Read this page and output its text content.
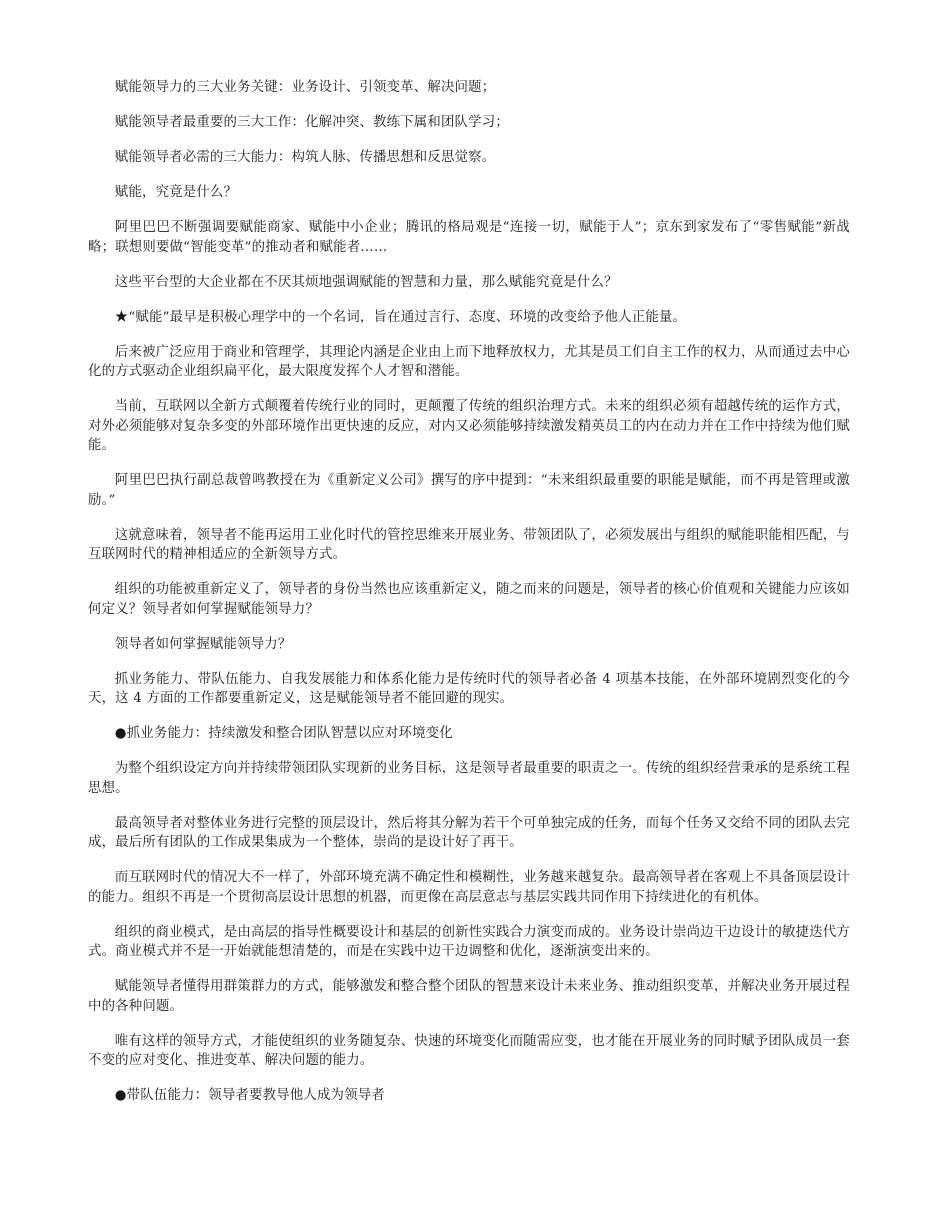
赋能领导力的三大业务关键：业务设计、引领变革、解决问题；

赋能领导者最重要的三大工作：化解冲突、教练下属和团队学习；

赋能领导者必需的三大能力：构筑人脉、传播思想和反思觉察。

赋能，究竟是什么？

阿里巴巴不断强调要赋能商家、赋能中小企业；腾讯的格局观是“连接一切，赋能于人”；京东到家发布了“零售赋能”新战略；联想则要做“智能变革”的推动者和赋能者……

这些平台型的大企业都在不厌其烦地强调赋能的智慧和力量，那么赋能究竟是什么？

★“赋能”最早是积极心理学中的一个名词，旨在通过言行、态度、环境的改变给予他人正能量。

后来被广泛应用于商业和管理学，其理论内涵是企业由上而下地释放权力，尤其是员工们自主工作的权力，从而通过去中心化的方式驱动企业组织扁平化，最大限度发挥个人才智和潜能。

当前，互联网以全新方式颠覆着传统行业的同时，更颠覆了传统的组织治理方式。未来的组织必须有超越传统的运作方式，对外必须能够对复杂多变的外部环境作出更快速的反应，对内又必须能够持续激发精英员工的内在动力并在工作中持续为他们赋能。

阿里巴巴执行副总裁曾鸣教授在为《重新定义公司》撰写的序中提到：“未来组织最重要的职能是赋能，而不再是管理或激励。”

这就意味着，领导者不能再运用工业化时代的管控思维来开展业务、带领团队了，必须发展出与组织的赋能职能相匹配，与互联网时代的精神相适应的全新领导方式。

组织的功能被重新定义了，领导者的身份当然也应该重新定义，随之而来的问题是，领导者的核心价值观和关键能力应该如何定义？领导者如何掌握赋能领导力？

领导者如何掌握赋能领导力？

抓业务能力、带队伍能力、自我发展能力和体系化能力是传统时代的领导者必备 4 项基本技能，在外部环境剧烈变化的今天，这 4 方面的工作都要重新定义，这是赋能领导者不能回避的现实。

●抓业务能力：持续激发和整合团队智慧以应对环境变化

为整个组织设定方向并持续带领团队实现新的业务目标，这是领导者最重要的职责之一。传统的组织经营秉承的是系统工程思想。

最高领导者对整体业务进行完整的顶层设计，然后将其分解为若干个可单独完成的任务，而每个任务又交给不同的团队去完成，最后所有团队的工作成果集成为一个整体，崇尚的是设计好了再干。

而互联网时代的情况大不一样了，外部环境充满不确定性和模糊性，业务越来越复杂。最高领导者在客观上不具备顶层设计的能力。组织不再是一个贯彻高层设计思想的机器，而更像在高层意志与基层实践共同作用下持续进化的有机体。

组织的商业模式，是由高层的指导性概要设计和基层的创新性实践合力演变而成的。业务设计崇尚边干边设计的敏捷迭代方式。商业模式并不是一开始就能想清楚的，而是在实践中边干边调整和优化，逐渐演变出来的。

赋能领导者懂得用群策群力的方式，能够激发和整合整个团队的智慧来设计未来业务、推动组织变革，并解决业务开展过程中的各种问题。

唯有这样的领导方式，才能使组织的业务随复杂、快速的环境变化而随需应变，也才能在开展业务的同时赋予团队成员一套不变的应对变化、推进变革、解决问题的能力。

●带队伍能力：领导者要教导他人成为领导者
